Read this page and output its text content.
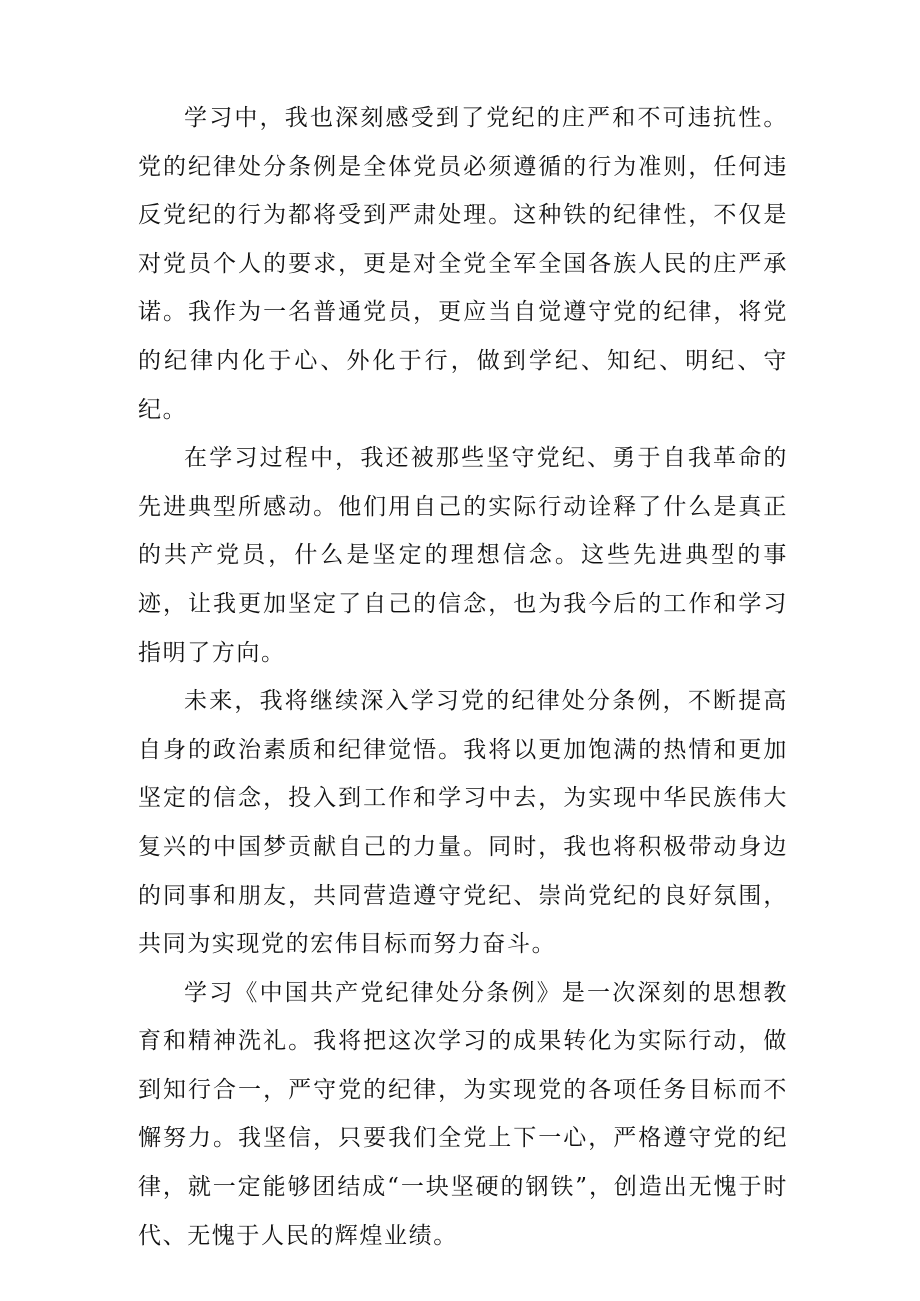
学习中，我也深刻感受到了党纪的庄严和不可违抗性。党的纪律处分条例是全体党员必须遵循的行为准则，任何违反党纪的行为都将受到严肃处理。这种铁的纪律性，不仅是对党员个人的要求，更是对全党全军全国各族人民的庄严承诺。我作为一名普通党员，更应当自觉遵守党的纪律，将党的纪律内化于心、外化于行，做到学纪、知纪、明纪、守纪。

在学习过程中，我还被那些坚守党纪、勇于自我革命的先进典型所感动。他们用自己的实际行动诠释了什么是真正的共产党员，什么是坚定的理想信念。这些先进典型的事迹，让我更加坚定了自己的信念，也为我今后的工作和学习指明了方向。

未来，我将继续深入学习党的纪律处分条例，不断提高自身的政治素质和纪律觉悟。我将以更加饱满的热情和更加坚定的信念，投入到工作和学习中去，为实现中华民族伟大复兴的中国梦贡献自己的力量。同时，我也将积极带动身边的同事和朋友，共同营造遵守党纪、崇尚党纪的良好氛围，共同为实现党的宏伟目标而努力奋斗。

学习《中国共产党纪律处分条例》是一次深刻的思想教育和精神洗礼。我将把这次学习的成果转化为实际行动，做到知行合一，严守党的纪律，为实现党的各项任务目标而不懈努力。我坚信，只要我们全党上下一心，严格遵守党的纪律，就一定能够团结成“一块坚硬的钢铁”，创造出无愧于时代、无愧于人民的辉煌业绩。
